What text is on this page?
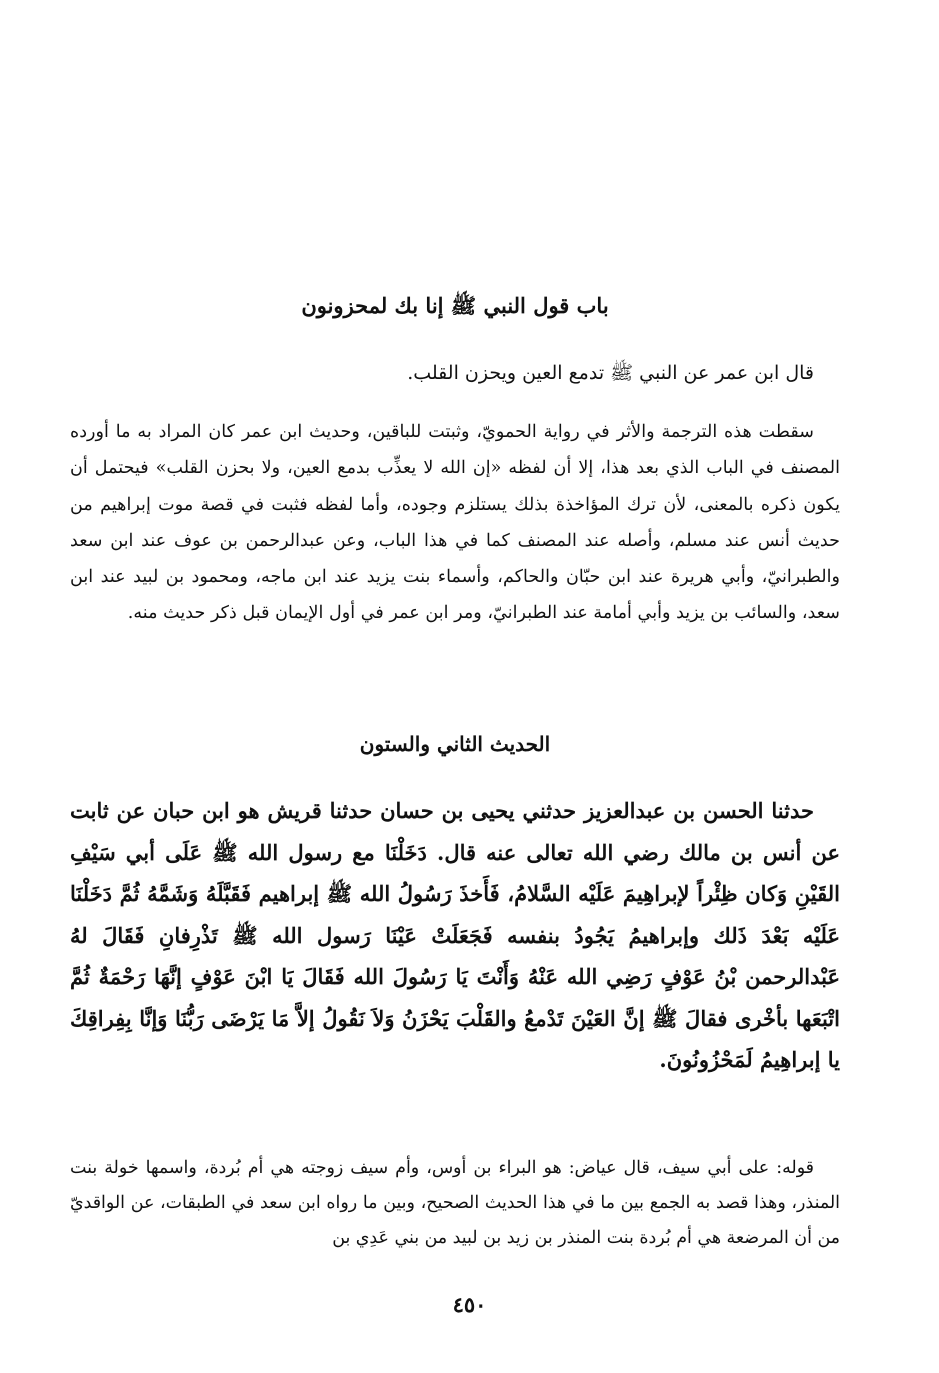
باب قول النبي ﷺ إنا بك لمحزونون

قال ابن عمر عن النبي ﷺ تدمع العين ويحزن القلب.

سقطت هذه الترجمة والأثر في رواية الحمويّ، وثبتت للباقين، وحديث ابن عمر كان المراد به ما أورده المصنف في الباب الذي بعد هذا، إلا أن لفظه «إن الله لا يعذِّب بدمع العين، ولا بحزن القلب» فيحتمل أن يكون ذكره بالمعنى، لأن ترك المؤاخذة بذلك يستلزم وجوده، وأما لفظه فثبت في قصة موت إبراهيم من حديث أنس عند مسلم، وأصله عند المصنف كما في هذا الباب، وعن عبدالرحمن بن عوف عند ابن سعد والطبرانيّ، وأبي هريرة عند ابن حبّان والحاكم، وأسماء بنت يزيد عند ابن ماجه، ومحمود بن لبيد عند ابن سعد، والسائب بن يزيد وأبي أمامة عند الطبرانيّ، ومر ابن عمر في أول الإيمان قبل ذكر حديث منه.

الحديث الثاني والستون

حدثنا الحسن بن عبدالعزيز حدثني يحيى بن حسان حدثنا قريش هو ابن حبان عن ثابت عن أنس بن مالك رضي الله تعالى عنه قال. دَخَلْنَا مع رسول الله ﷺ عَلَى أبي سَيْفِ القَيْنِ وَكان ظِئْراً لإبراهِيمَ عَلَيْه السَّلامُ، فَأَخذَ رَسُولُ الله ﷺ إبراهيم فَقَبَّلَهُ وَشَمَّهُ ثُمَّ دَخَلْنَا عَلَيْه بَعْدَ ذَلك وإبراهيمُ يَجُودُ بنفسه فَجَعَلَتْ عَيْنَا رَسول الله ﷺ تَذْرِفانِ فَقَالَ لهُ عَبْدالرحمن بْنُ عَوْفٍ رَضِي الله عَنْهُ وَأَنْتَ يَا رَسُولَ الله فَقَالَ يَا ابْنَ عَوْفٍ إنَّهَا رَحْمَةٌ ثُمَّ اتْبَعَها بأخْرى فقالَ ﷺ إنَّ العَيْنَ تَدْمعُ والقَلْبَ يَحْزَنُ وَلاَ نَقُولُ إلاَّ مَا يَرْضَى رَبُّنَا وَإنَّا بِفِراقِكَ يا إبراهِيمُ لَمَحْزُونُونَ.

قوله: على أبي سيف، قال عياض: هو البراء بن أوس، وأم سيف زوجته هي أم بُردة، واسمها خولة بنت المنذر، وهذا قصد به الجمع بين ما في هذا الحديث الصحيح، وبين ما رواه ابن سعد في الطبقات، عن الواقديّ من أن المرضعة هي أم بُردة بنت المنذر بن زيد بن لبيد من بني عَدِي بن

٤٥٠
